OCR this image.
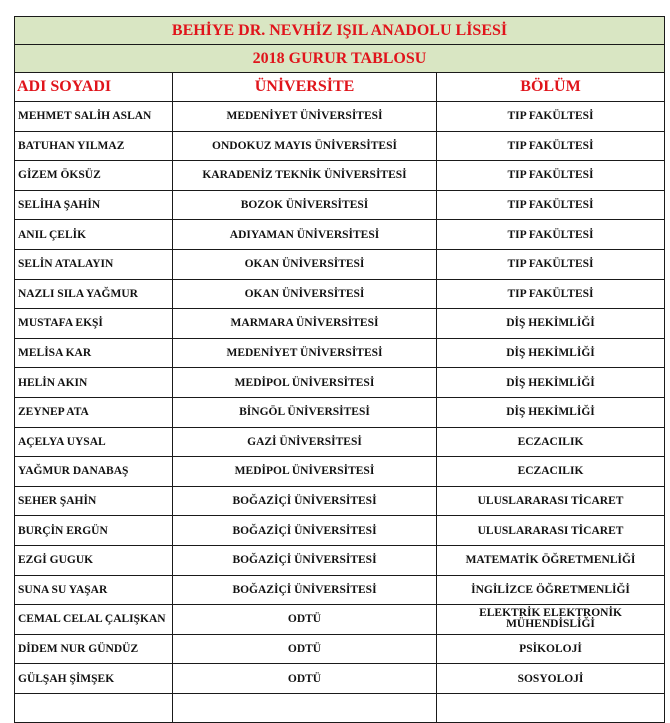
BEHİYE DR. NEVHİZ IŞIL ANADOLU LİSESİ		
2018 GURUR TABLOSU		
ADI SOYADI	ÜNİVERSİTE	BÖLÜM
MEHMET SALİH ASLAN	MEDENİYET ÜNİVERSİTESİ	TIP FAKÜLTESİ
BATUHAN YILMAZ	ONDOKUZ MAYIS ÜNİVERSİTESİ	TIP FAKÜLTESİ
GİZEM ÖKSÜZ	KARADENİZ TEKNİK ÜNİVERSİTESİ	TIP FAKÜLTESİ
SELİHA ŞAHİN	BOZOK ÜNİVERSİTESİ	TIP FAKÜLTESİ
ANIL ÇELİK	ADIYAMAN ÜNİVERSİTESİ	TIP FAKÜLTESİ
SELİN ATALAYIN	OKAN ÜNİVERSİTESİ	TIP FAKÜLTESİ
NAZLI SILA YAĞMUR	OKAN ÜNİVERSİTESİ	TIP FAKÜLTESİ
MUSTAFA EKŞİ	MARMARA ÜNİVERSİTESİ	DİŞ HEKİMLİĞİ
MELİSA KAR	MEDENİYET ÜNİVERSİTESİ	DİŞ HEKİMLİĞİ
HELİN AKIN	MEDİPOL ÜNİVERSİTESİ	DİŞ HEKİMLİĞİ
ZEYNEP ATA	BİNGÖL ÜNİVERSİTESİ	DİŞ HEKİMLİĞİ
AÇELYA UYSAL	GAZİ ÜNİVERSİTESİ	ECZACILIK
YAĞMUR DANABAŞ	MEDİPOL ÜNİVERSİTESİ	ECZACILIK
SEHER ŞAHİN	BOĞAZİÇİ ÜNİVERSİTESİ	ULUSLARARASI TİCARET
BURÇİN ERGÜN	BOĞAZİÇİ ÜNİVERSİTESİ	ULUSLARARASI TİCARET
EZGİ GUGUK	BOĞAZİÇİ ÜNİVERSİTESİ	MATEMATİK ÖĞRETMENLİĞİ
SUNA SU YAŞAR	BOĞAZİÇİ ÜNİVERSİTESİ	İNGİLİZCE ÖĞRETMENLİĞİ
CEMAL CELAL ÇALIŞKAN	ODTÜ	ELEKTRİK ELEKTRONİK MÜHENDİSLİĞİ
DİDEM NUR GÜNDÜZ	ODTÜ	PSİKOLOJİ
GÜLŞAH ŞİMŞEK	ODTÜ	SOSYOLOJİ
